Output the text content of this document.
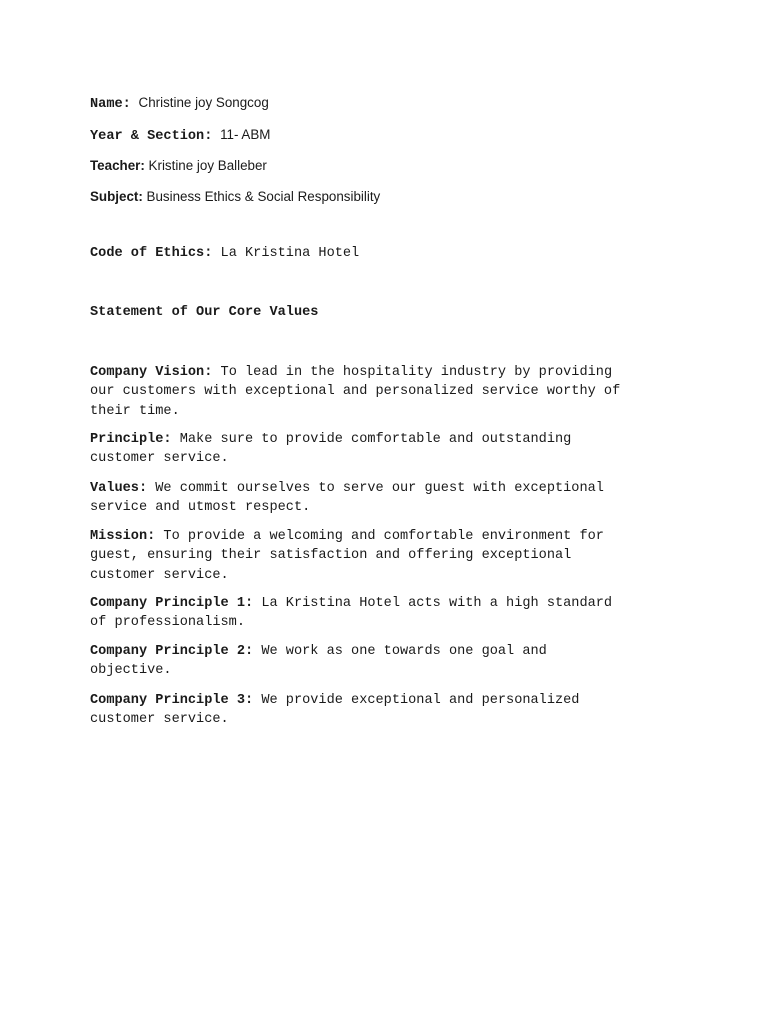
Name: Christine joy Songcog
Year & Section: 11- ABM
Teacher: Kristine joy Balleber
Subject: Business Ethics & Social Responsibility
Code of Ethics: La Kristina Hotel
Statement of Our Core Values
Company Vision: To lead in the hospitality industry by providing
our customers with exceptional and personalized service worthy of
their time.
Principle: Make sure to provide comfortable and outstanding
customer service.
Values: We commit ourselves to serve our guest with exceptional
service and utmost respect.
Mission: To provide a welcoming and comfortable environment for
guest, ensuring their satisfaction and offering exceptional
customer service.
Company Principle 1: La Kristina Hotel acts with a high standard
of professionalism.
Company Principle 2: We work as one towards one goal and
objective.
Company Principle 3: We provide exceptional and personalized
customer service.
